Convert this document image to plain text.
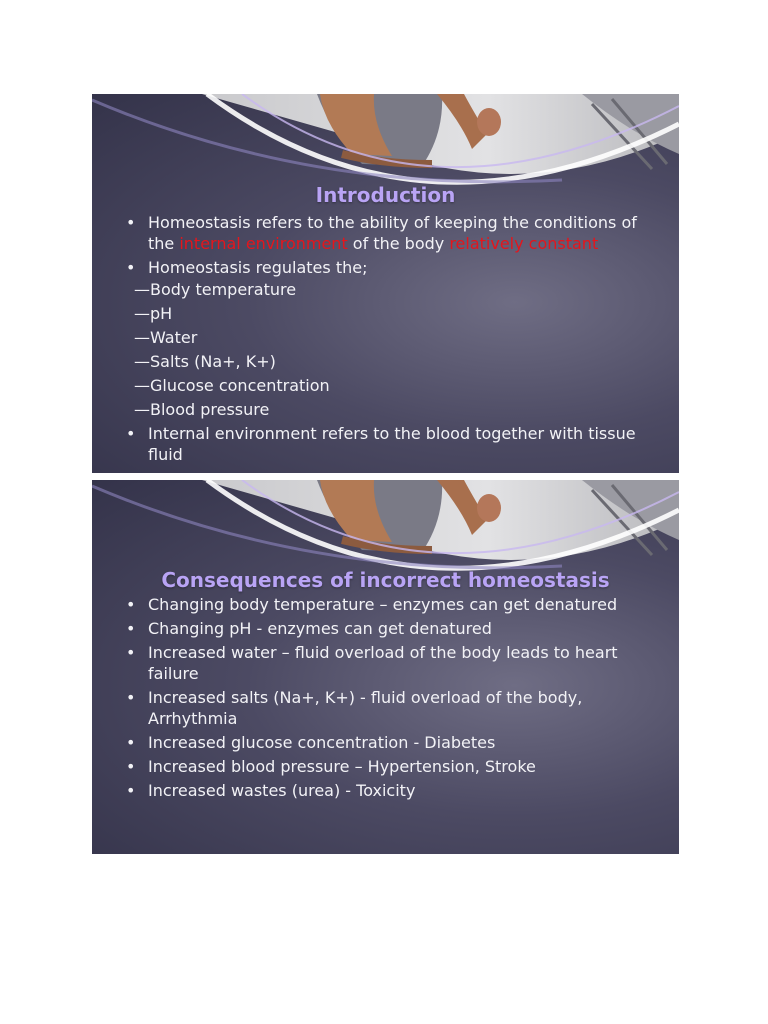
Introduction
• Homeostasis refers to the ability of keeping the conditions of the internal environment of the body relatively constant
• Homeostasis regulates the;
—Body temperature
—pH
—Water
—Salts (Na+, K+)
—Glucose concentration
—Blood pressure
• Internal environment refers to the blood together with tissue fluid
Consequences of incorrect homeostasis
• Changing body temperature – enzymes can get denatured
• Changing pH - enzymes can get denatured
• Increased water – fluid overload of the body leads to heart failure
• Increased salts (Na+, K+) - fluid overload of the body, Arrhythmia
• Increased glucose concentration - Diabetes
• Increased blood pressure – Hypertension, Stroke
• Increased wastes (urea) - Toxicity
